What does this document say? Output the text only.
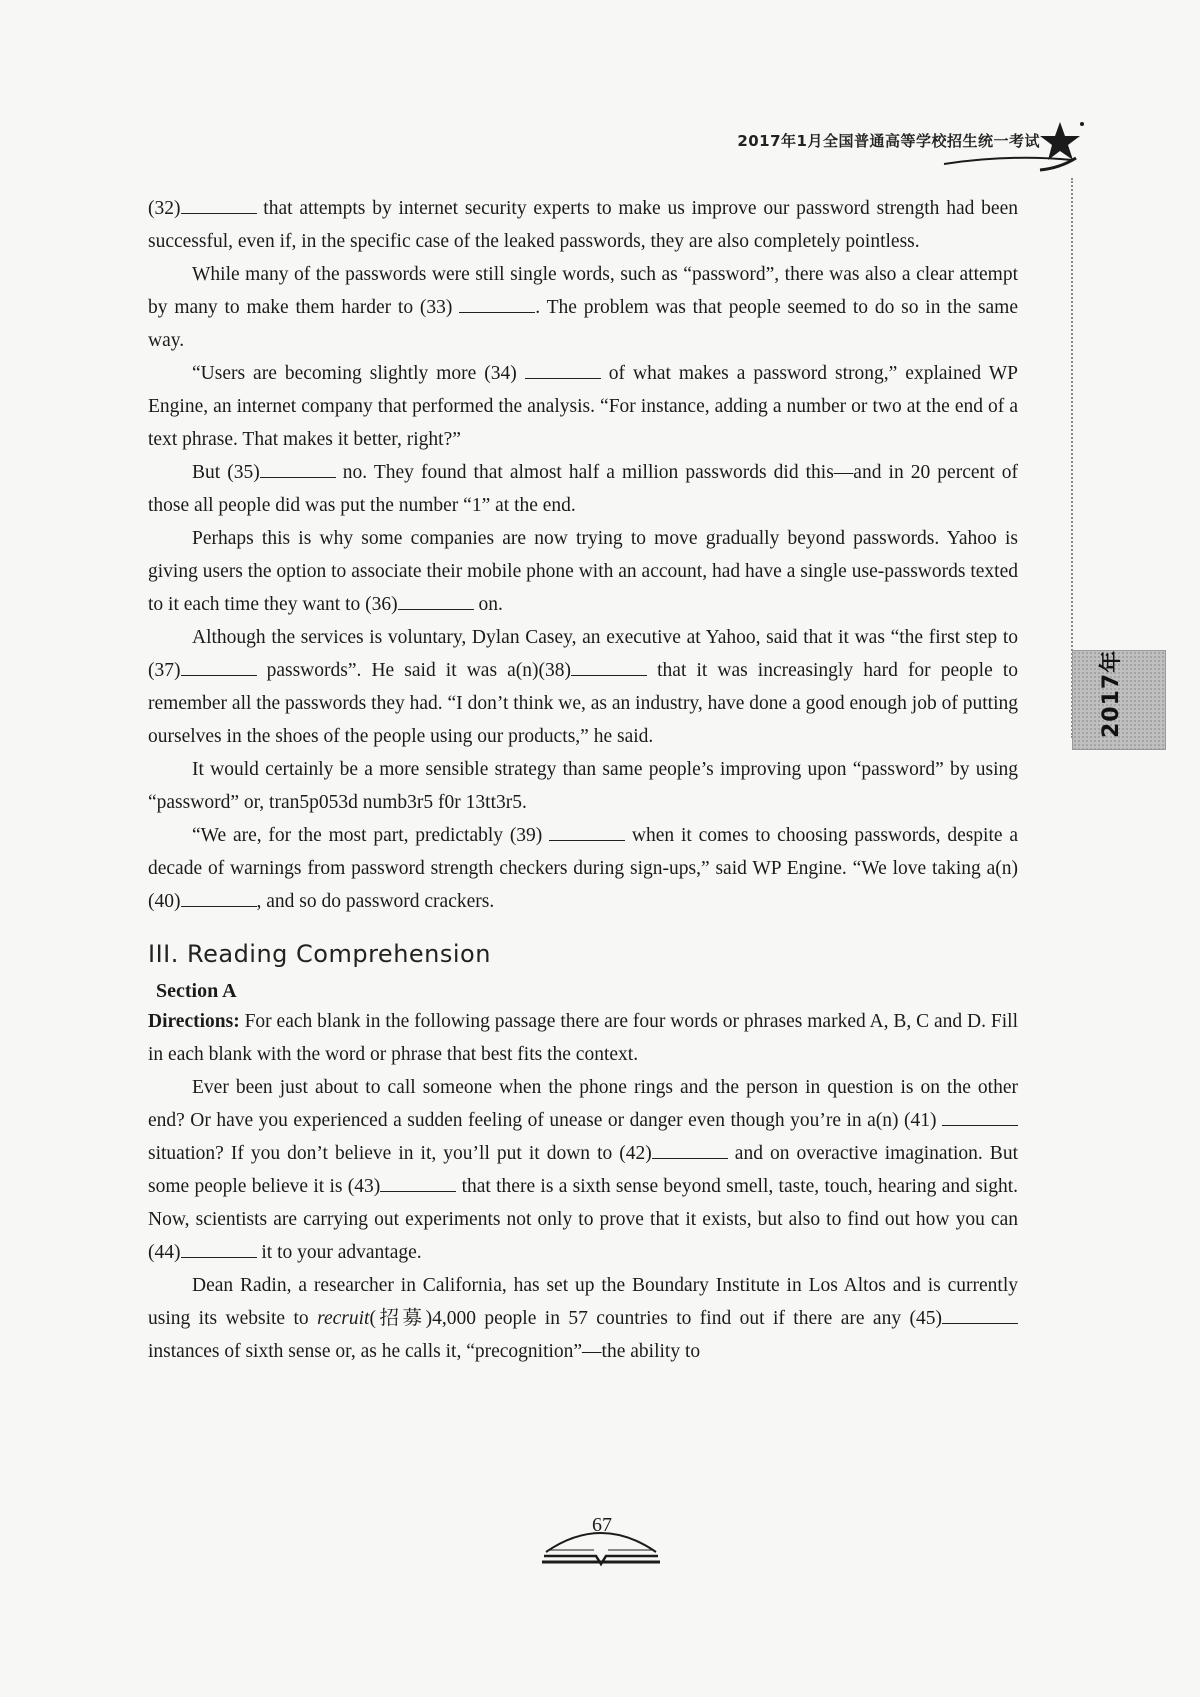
2017年1月全国普通高等学校招生统一考试
2017年

(32)	that attempts by internet security experts to make us improve our password strength had been successful, even if, in the specific case of the leaked passwords, they are also completely pointless.

While many of the passwords were still single words, such as “password”, there was also a clear attempt by many to make them harder to (33)	. The problem was that people seemed to do so in the same way.

“Users are becoming slightly more (34)	of what makes a password strong,” explained WP Engine, an internet company that performed the analysis. “For instance, adding a number or two at the end of a text phrase. That makes it better, right?”

But (35)	no. They found that almost half a million passwords did this—and in 20 percent of those all people did was put the number “1” at the end.

Perhaps this is why some companies are now trying to move gradually beyond passwords. Yahoo is giving users the option to associate their mobile phone with an account, had have a single use-passwords texted to it each time they want to (36)	on.

Although the services is voluntary, Dylan Casey, an executive at Yahoo, said that it was “the first step to (37)	passwords”. He said it was a(n)(38)	that it was increasingly hard for people to remember all the passwords they had. “I don’t think we, as an industry, have done a good enough job of putting ourselves in the shoes of the people using our products,” he said.

It would certainly be a more sensible strategy than same people’s improving upon “password” by using “password” or, tran5p053d numb3r5 f0r 13tt3r5.

“We are, for the most part, predictably (39)	when it comes to choosing passwords, despite a decade of warnings from password strength checkers during sign-ups,” said WP Engine. “We love taking a(n) (40)	, and so do password crackers.

III. Reading Comprehension
Section A

Directions: For each blank in the following passage there are four words or phrases marked A, B, C and D. Fill in each blank with the word or phrase that best fits the context.

Ever been just about to call someone when the phone rings and the person in question is on the other end? Or have you experienced a sudden feeling of unease or danger even though you’re in a(n) (41)  situation? If you don’t believe in it, you’ll put it down to (42)	and on overactive imagination. But some people believe it is (43)	that there is a sixth sense beyond smell, taste, touch, hearing and sight. Now, scientists are carrying out experiments not only to prove that it exists, but also to find out how you can (44)	it to your advantage.

Dean Radin, a researcher in California, has set up the Boundary Institute in Los Altos and is currently using its website to recruit(招募)4,000 people in 57 countries to find out if there are any (45) instances of sixth sense or, as he calls it, “precognition”—the ability to

67
